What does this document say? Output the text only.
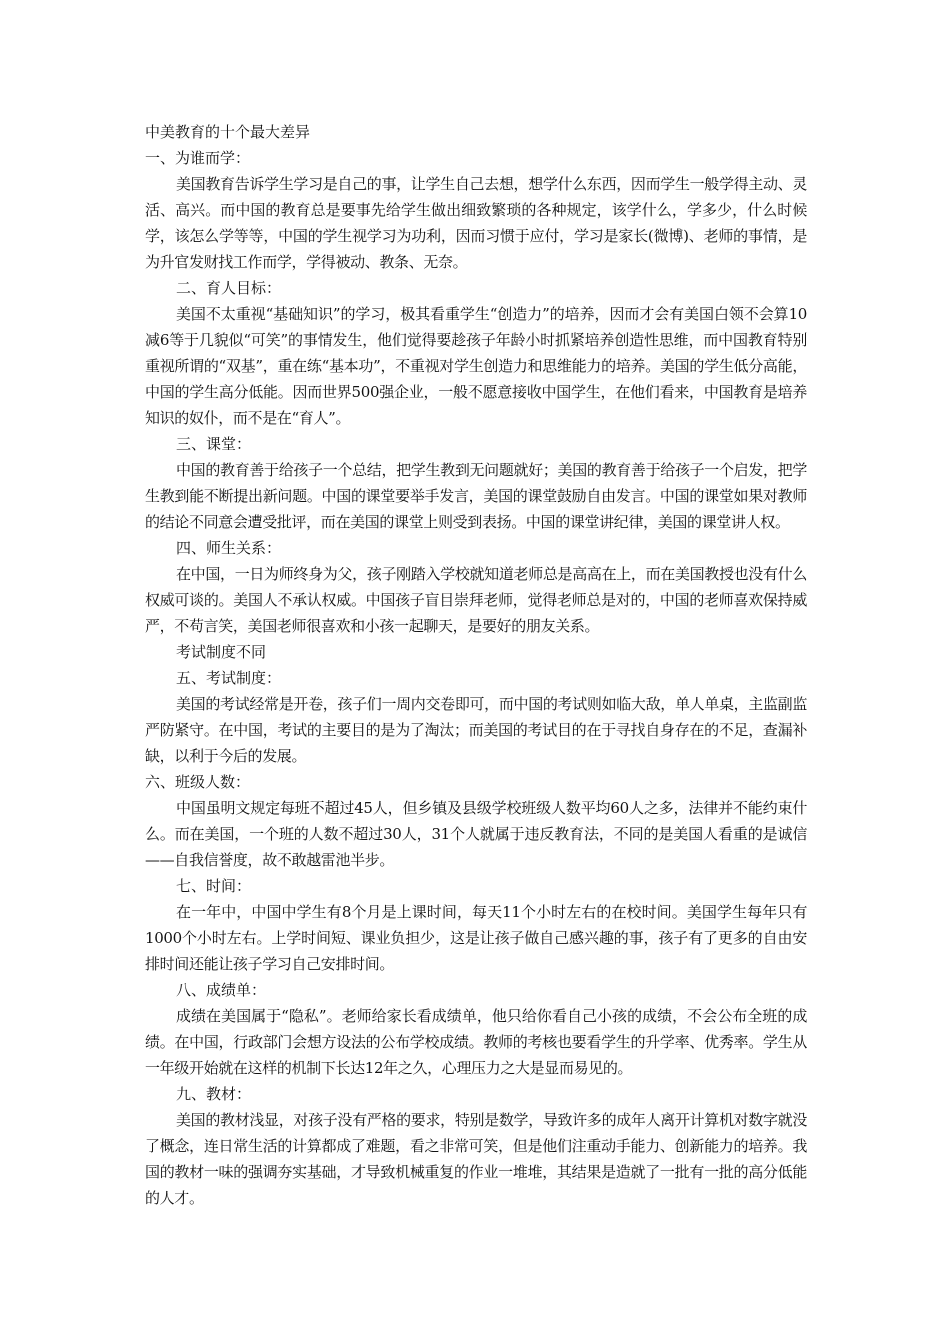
中美教育的十个最大差异

一、为谁而学：

美国教育告诉学生学习是自己的事，让学生自己去想，想学什么东西，因而学生一般学得主动、灵活、高兴。而中国的教育总是要事先给学生做出细致繁琐的各种规定，该学什么，学多少，什么时候学，该怎么学等等，中国的学生视学习为功利，因而习惯于应付，学习是家长(微博)、老师的事情，是为升官发财找工作而学，学得被动、教条、无奈。

二、育人目标：

美国不太重视“基础知识”的学习，极其看重学生“创造力”的培养，因而才会有美国白领不会算10减6等于几貌似“可笑”的事情发生，他们觉得要趁孩子年龄小时抓紧培养创造性思维，而中国教育特别重视所谓的“双基”，重在练“基本功”，不重视对学生创造力和思维能力的培养。美国的学生低分高能，中国的学生高分低能。因而世界500强企业，一般不愿意接收中国学生，在他们看来，中国教育是培养知识的奴仆，而不是在“育人”。

三、课堂：

中国的教育善于给孩子一个总结，把学生教到无问题就好；美国的教育善于给孩子一个启发，把学生教到能不断提出新问题。中国的课堂要举手发言，美国的课堂鼓励自由发言。中国的课堂如果对教师的结论不同意会遭受批评，而在美国的课堂上则受到表扬。中国的课堂讲纪律，美国的课堂讲人权。

四、师生关系：

在中国，一日为师终身为父，孩子刚踏入学校就知道老师总是高高在上，而在美国教授也没有什么权威可谈的。美国人不承认权威。中国孩子盲目崇拜老师，觉得老师总是对的，中国的老师喜欢保持威严，不苟言笑，美国老师很喜欢和小孩一起聊天，是要好的朋友关系。

考试制度不同

五、考试制度：

美国的考试经常是开卷，孩子们一周内交卷即可，而中国的考试则如临大敌，单人单桌，主监副监严防紧守。在中国，考试的主要目的是为了淘汰；而美国的考试目的在于寻找自身存在的不足，查漏补缺，以利于今后的发展。

六、班级人数：

中国虽明文规定每班不超过45人，但乡镇及县级学校班级人数平均60人之多，法律并不能约束什么。而在美国，一个班的人数不超过30人，31个人就属于违反教育法，不同的是美国人看重的是诚信——自我信誉度，故不敢越雷池半步。

七、时间：

在一年中，中国中学生有8个月是上课时间，每天11个小时左右的在校时间。美国学生每年只有1000个小时左右。上学时间短、课业负担少，这是让孩子做自己感兴趣的事，孩子有了更多的自由安排时间还能让孩子学习自己安排时间。

八、成绩单：

成绩在美国属于“隐私”。老师给家长看成绩单，他只给你看自己小孩的成绩，不会公布全班的成绩。在中国，行政部门会想方设法的公布学校成绩。教师的考核也要看学生的升学率、优秀率。学生从一年级开始就在这样的机制下长达12年之久，心理压力之大是显而易见的。

九、教材：

美国的教材浅显，对孩子没有严格的要求，特别是数学，导致许多的成年人离开计算机对数字就没了概念，连日常生活的计算都成了难题，看之非常可笑，但是他们注重动手能力、创新能力的培养。我国的教材一味的强调夯实基础，才导致机械重复的作业一堆堆，其结果是造就了一批有一批的高分低能的人才。
